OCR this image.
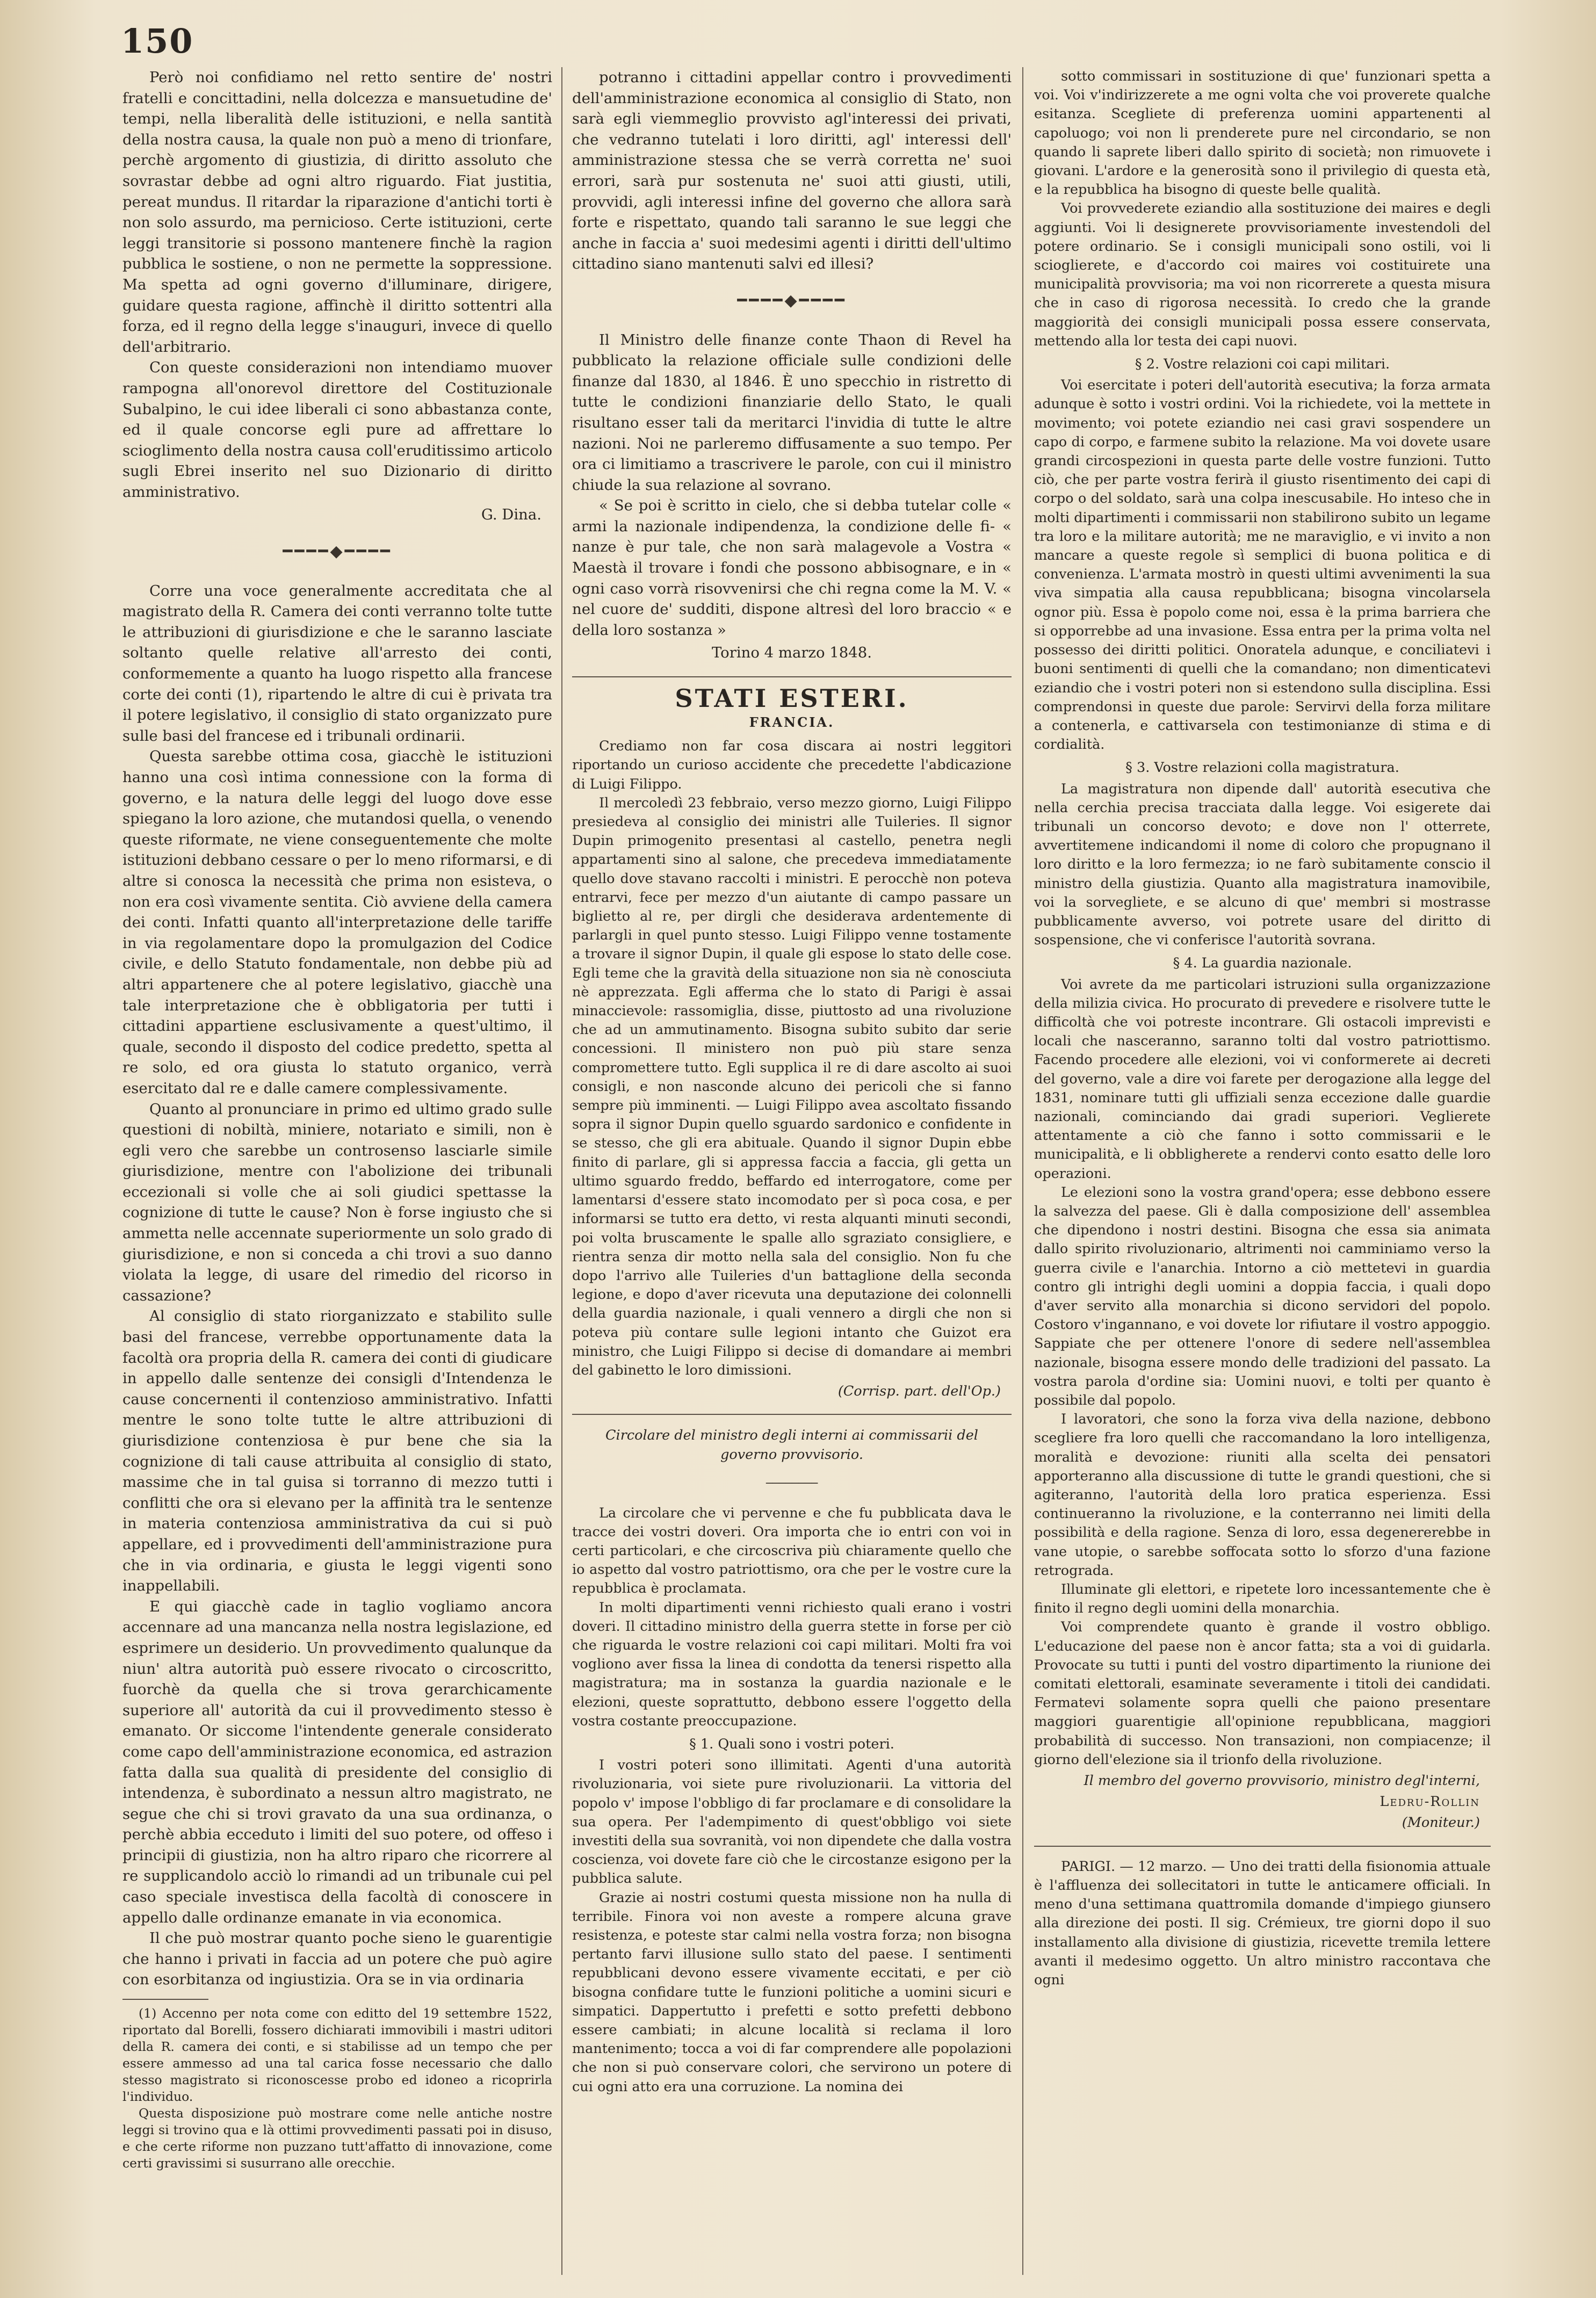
150

Però noi confidiamo nel retto sentire de' nostri fratelli e concittadini, nella dolcezza e mansuetudine de' tempi, nella liberalità delle istituzioni, e nella santità della nostra causa, la quale non può a meno di trionfare, perchè argomento di giustizia, di diritto assoluto che sovrastar debbe ad ogni altro riguardo. Fiat justitia, pereat mundus. Il ritardar la riparazione d'antichi torti è non solo assurdo, ma pernicioso. Certe istituzioni, certe leggi transitorie si possono mantenere finchè la ragion pubblica le sostiene, o non ne permette la soppressione. Ma spetta ad ogni governo d'illuminare, dirigere, guidare questa ragione, affinchè il diritto sottentri alla forza, ed il regno della legge s'inauguri, invece di quello dell'arbitrario.

Con queste considerazioni non intendiamo muover rampogna all'onorevol direttore del Costituzionale Subalpino, le cui idee liberali ci sono abbastanza conte, ed il quale concorse egli pure ad affrettare lo scioglimento della nostra causa coll'eruditissimo articolo sugli Ebrei inserito nel suo Dizionario di diritto amministrativo.

G. Dina.

━━━━◆━━━━

Corre una voce generalmente accreditata che al magistrato della R. Camera dei conti verranno tolte tutte le attribuzioni di giurisdizione e che le saranno lasciate soltanto quelle relative all'arresto dei conti, conformemente a quanto ha luogo rispetto alla francese corte dei conti (1), ripartendo le altre di cui è privata tra il potere legislativo, il consiglio di stato organizzato pure sulle basi del francese ed i tribunali ordinarii.

Questa sarebbe ottima cosa, giacchè le istituzioni hanno una così intima connessione con la forma di governo, e la natura delle leggi del luogo dove esse spiegano la loro azione, che mutandosi quella, o venendo queste riformate, ne viene conseguentemente che molte istituzioni debbano cessare o per lo meno riformarsi, e di altre si conosca la necessità che prima non esisteva, o non era così vivamente sentita. Ciò avviene della camera dei conti. Infatti quanto all'interpretazione delle tariffe in via regolamentare dopo la promulgazion del Codice civile, e dello Statuto fondamentale, non debbe più ad altri appartenere che al potere legislativo, giacchè una tale interpretazione che è obbligatoria per tutti i cittadini appartiene esclusivamente a quest'ultimo, il quale, secondo il disposto del codice predetto, spetta al re solo, ed ora giusta lo statuto organico, verrà esercitato dal re e dalle camere complessivamente.

Quanto al pronunciare in primo ed ultimo grado sulle questioni di nobiltà, miniere, notariato e simili, non è egli vero che sarebbe un controsenso lasciarle simile giurisdizione, mentre con l'abolizione dei tribunali eccezionali si volle che ai soli giudici spettasse la cognizione di tutte le cause? Non è forse ingiusto che si ammetta nelle accennate superiormente un solo grado di giurisdizione, e non si conceda a chi trovi a suo danno violata la legge, di usare del rimedio del ricorso in cassazione?

Al consiglio di stato riorganizzato e stabilito sulle basi del francese, verrebbe opportunamente data la facoltà ora propria della R. camera dei conti di giudicare in appello dalle sentenze dei consigli d'Intendenza le cause concernenti il contenzioso amministrativo. Infatti mentre le sono tolte tutte le altre attribuzioni di giurisdizione contenziosa è pur bene che sia la cognizione di tali cause attribuita al consiglio di stato, massime che in tal guisa si torranno di mezzo tutti i conflitti che ora si elevano per la affinità tra le sentenze in materia contenziosa amministrativa da cui si può appellare, ed i provvedimenti dell'amministrazione pura che in via ordinaria, e giusta le leggi vigenti sono inappellabili.

E qui giacchè cade in taglio vogliamo ancora accennare ad una mancanza nella nostra legislazione, ed esprimere un desiderio. Un provvedimento qualunque da niun' altra autorità può essere rivocato o circoscritto, fuorchè da quella che si trova gerarchicamente superiore all' autorità da cui il provvedimento stesso è emanato. Or siccome l'intendente generale considerato come capo dell'amministrazione economica, ed astrazion fatta dalla sua qualità di presidente del consiglio di intendenza, è subordinato a nessun altro magistrato, ne segue che chi si trovi gravato da una sua ordinanza, o perchè abbia ecceduto i limiti del suo potere, od offeso i principii di giustizia, non ha altro riparo che ricorrere al re supplicandolo acciò lo rimandi ad un tribunale cui pel caso speciale investisca della facoltà di conoscere in appello dalle ordinanze emanate in via economica.

Il che può mostrar quanto poche sieno le guarentigie che hanno i privati in faccia ad un potere che può agire con esorbitanza od ingiustizia. Ora se in via ordinaria

(1) Accenno per nota come con editto del 19 settembre 1522, riportato dal Borelli, fossero dichiarati immovibili i mastri uditori della R. camera dei conti, e si stabilisse ad un tempo che per essere ammesso ad una tal carica fosse necessario che dallo stesso magistrato si riconoscesse probo ed idoneo a ricoprirla l'individuo.

Questa disposizione può mostrare come nelle antiche nostre leggi si trovino qua e là ottimi provvedimenti passati poi in disuso, e che certe riforme non puzzano tutt'affatto di innovazione, come certi gravissimi si susurrano alle orecchie.

potranno i cittadini appellar contro i provvedimenti dell'amministrazione economica al consiglio di Stato, non sarà egli viemmeglio provvisto agl'interessi dei privati, che vedranno tutelati i loro diritti, agl' interessi dell' amministrazione stessa che se verrà corretta ne' suoi errori, sarà pur sostenuta ne' suoi atti giusti, utili, provvidi, agli interessi infine del governo che allora sarà forte e rispettato, quando tali saranno le sue leggi che anche in faccia a' suoi medesimi agenti i diritti dell'ultimo cittadino siano mantenuti salvi ed illesi?

━━━━◆━━━━

Il Ministro delle finanze conte Thaon di Revel ha pubblicato la relazione officiale sulle condizioni delle finanze dal 1830, al 1846. È uno specchio in ristretto di tutte le condizioni finanziarie dello Stato, le quali risultano esser tali da meritarci l'invidia di tutte le altre nazioni. Noi ne parleremo diffusamente a suo tempo. Per ora ci limitiamo a trascrivere le parole, con cui il ministro chiude la sua relazione al sovrano.

« Se poi è scritto in cielo, che si debba tutelar colle « armi la nazionale indipendenza, la condizione delle fi- « nanze è pur tale, che non sarà malagevole a Vostra « Maestà il trovare i fondi che possono abbisognare, e in « ogni caso vorrà risovvenirsi che chi regna come la M. V. « nel cuore de' sudditi, dispone altresì del loro braccio « e della loro sostanza »

Torino 4 marzo 1848.

STATI ESTERI.
FRANCIA.

Crediamo non far cosa discara ai nostri leggitori riportando un curioso accidente che precedette l'abdicazione di Luigi Filippo.

Il mercoledì 23 febbraio, verso mezzo giorno, Luigi Filippo presiedeva al consiglio dei ministri alle Tuileries. Il signor Dupin primogenito presentasi al castello, penetra negli appartamenti sino al salone, che precedeva immediatamente quello dove stavano raccolti i ministri. E perocchè non poteva entrarvi, fece per mezzo d'un aiutante di campo passare un biglietto al re, per dirgli che desiderava ardentemente di parlargli in quel punto stesso. Luigi Filippo venne tostamente a trovare il signor Dupin, il quale gli espose lo stato delle cose. Egli teme che la gravità della situazione non sia nè conosciuta nè apprezzata. Egli afferma che lo stato di Parigi è assai minaccievole: rassomiglia, disse, piuttosto ad una rivoluzione che ad un ammutinamento. Bisogna subito subito dar serie concessioni. Il ministero non può più stare senza compromettere tutto. Egli supplica il re di dare ascolto ai suoi consigli, e non nasconde alcuno dei pericoli che si fanno sempre più imminenti. — Luigi Filippo avea ascoltato fissando sopra il signor Dupin quello sguardo sardonico e confidente in se stesso, che gli era abituale. Quando il signor Dupin ebbe finito di parlare, gli si appressa faccia a faccia, gli getta un ultimo sguardo freddo, beffardo ed interrogatore, come per lamentarsi d'essere stato incomodato per sì poca cosa, e per informarsi se tutto era detto, vi resta alquanti minuti secondi, poi volta bruscamente le spalle allo sgraziato consigliere, e rientra senza dir motto nella sala del consiglio. Non fu che dopo l'arrivo alle Tuileries d'un battaglione della seconda legione, e dopo d'aver ricevuta una deputazione dei colonnelli della guardia nazionale, i quali vennero a dirgli che non si poteva più contare sulle legioni intanto che Guizot era ministro, che Luigi Filippo si decise di domandare ai membri del gabinetto le loro dimissioni.

(Corrisp. part. dell'Op.)

Circolare del ministro degli interni ai commissarii del governo provvisorio.

────────

La circolare che vi pervenne e che fu pubblicata dava le tracce dei vostri doveri. Ora importa che io entri con voi in certi particolari, e che circoscriva più chiaramente quello che io aspetto dal vostro patriottismo, ora che per le vostre cure la repubblica è proclamata.

In molti dipartimenti venni richiesto quali erano i vostri doveri. Il cittadino ministro della guerra stette in forse per ciò che riguarda le vostre relazioni coi capi militari. Molti fra voi vogliono aver fissa la linea di condotta da tenersi rispetto alla magistratura; ma in sostanza la guardia nazionale e le elezioni, queste soprattutto, debbono essere l'oggetto della vostra costante preoccupazione.

§ 1. Quali sono i vostri poteri.

I vostri poteri sono illimitati. Agenti d'una autorità rivoluzionaria, voi siete pure rivoluzionarii. La vittoria del popolo v' impose l'obbligo di far proclamare e di consolidare la sua opera. Per l'adempimento di quest'obbligo voi siete investiti della sua sovranità, voi non dipendete che dalla vostra coscienza, voi dovete fare ciò che le circostanze esigono per la pubblica salute.

Grazie ai nostri costumi questa missione non ha nulla di terribile. Finora voi non aveste a rompere alcuna grave resistenza, e poteste star calmi nella vostra forza; non bisogna pertanto farvi illusione sullo stato del paese. I sentimenti repubblicani devono essere vivamente eccitati, e per ciò bisogna confidare tutte le funzioni politiche a uomini sicuri e simpatici. Dappertutto i prefetti e sotto prefetti debbono essere cambiati; in alcune località si reclama il loro mantenimento; tocca a voi di far comprendere alle popolazioni che non si può conservare colori, che servirono un potere di cui ogni atto era una corruzione. La nomina dei

sotto commissari in sostituzione di que' funzionari spetta a voi. Voi v'indirizzerete a me ogni volta che voi proverete qualche esitanza. Scegliete di preferenza uomini appartenenti al capoluogo; voi non li prenderete pure nel circondario, se non quando li saprete liberi dallo spirito di società; non rimuovete i giovani. L'ardore e la generosità sono il privilegio di questa età, e la repubblica ha bisogno di queste belle qualità.

Voi provvederete eziandio alla sostituzione dei maires e degli aggiunti. Voi li designerete provvisoriamente investendoli del potere ordinario. Se i consigli municipali sono ostili, voi li scioglierete, e d'accordo coi maires voi costituirete una municipalità provvisoria; ma voi non ricorrerete a questa misura che in caso di rigorosa necessità. Io credo che la grande maggiorità dei consigli municipali possa essere conservata, mettendo alla lor testa dei capi nuovi.

§ 2. Vostre relazioni coi capi militari.

Voi esercitate i poteri dell'autorità esecutiva; la forza armata adunque è sotto i vostri ordini. Voi la richiedete, voi la mettete in movimento; voi potete eziandio nei casi gravi sospendere un capo di corpo, e farmene subito la relazione. Ma voi dovete usare grandi circospezioni in questa parte delle vostre funzioni. Tutto ciò, che per parte vostra ferirà il giusto risentimento dei capi di corpo o del soldato, sarà una colpa inescusabile. Ho inteso che in molti dipartimenti i commissarii non stabilirono subito un legame tra loro e la militare autorità; me ne maraviglio, e vi invito a non mancare a queste regole sì semplici di buona politica e di convenienza. L'armata mostrò in questi ultimi avvenimenti la sua viva simpatia alla causa repubblicana; bisogna vincolarsela ognor più. Essa è popolo come noi, essa è la prima barriera che si opporrebbe ad una invasione. Essa entra per la prima volta nel possesso dei diritti politici. Onoratela adunque, e conciliatevi i buoni sentimenti di quelli che la comandano; non dimenticatevi eziandio che i vostri poteri non si estendono sulla disciplina. Essi comprendonsi in queste due parole: Servirvi della forza militare a contenerla, e cattivarsela con testimonianze di stima e di cordialità.

§ 3. Vostre relazioni colla magistratura.

La magistratura non dipende dall' autorità esecutiva che nella cerchia precisa tracciata dalla legge. Voi esigerete dai tribunali un concorso devoto; e dove non l' otterrete, avvertitemene indicandomi il nome di coloro che propugnano il loro diritto e la loro fermezza; io ne farò subitamente conscio il ministro della giustizia. Quanto alla magistratura inamovibile, voi la sorvegliete, e se alcuno di que' membri si mostrasse pubblicamente avverso, voi potrete usare del diritto di sospensione, che vi conferisce l'autorità sovrana.

§ 4. La guardia nazionale.

Voi avrete da me particolari istruzioni sulla organizzazione della milizia civica. Ho procurato di prevedere e risolvere tutte le difficoltà che voi potreste incontrare. Gli ostacoli imprevisti e locali che nasceranno, saranno tolti dal vostro patriottismo. Facendo procedere alle elezioni, voi vi conformerete ai decreti del governo, vale a dire voi farete per derogazione alla legge del 1831, nominare tutti gli uffiziali senza eccezione dalle guardie nazionali, cominciando dai gradi superiori. Veglierete attentamente a ciò che fanno i sotto commissarii e le municipalità, e li obbligherete a rendervi conto esatto delle loro operazioni.

Le elezioni sono la vostra grand'opera; esse debbono essere la salvezza del paese. Gli è dalla composizione dell' assemblea che dipendono i nostri destini. Bisogna che essa sia animata dallo spirito rivoluzionario, altrimenti noi camminiamo verso la guerra civile e l'anarchia. Intorno a ciò mettetevi in guardia contro gli intrighi degli uomini a doppia faccia, i quali dopo d'aver servito alla monarchia si dicono servidori del popolo. Costoro v'ingannano, e voi dovete lor rifiutare il vostro appoggio. Sappiate che per ottenere l'onore di sedere nell'assemblea nazionale, bisogna essere mondo delle tradizioni del passato. La vostra parola d'ordine sia: Uomini nuovi, e tolti per quanto è possibile dal popolo.

I lavoratori, che sono la forza viva della nazione, debbono scegliere fra loro quelli che raccomandano la loro intelligenza, moralità e devozione: riuniti alla scelta dei pensatori apporteranno alla discussione di tutte le grandi questioni, che si agiteranno, l'autorità della loro pratica esperienza. Essi continueranno la rivoluzione, e la conterranno nei limiti della possibilità e della ragione. Senza di loro, essa degenererebbe in vane utopie, o sarebbe soffocata sotto lo sforzo d'una fazione retrograda.

Illuminate gli elettori, e ripetete loro incessantemente che è finito il regno degli uomini della monarchia.

Voi comprendete quanto è grande il vostro obbligo. L'educazione del paese non è ancor fatta; sta a voi di guidarla. Provocate su tutti i punti del vostro dipartimento la riunione dei comitati elettorali, esaminate severamente i titoli dei candidati. Fermatevi solamente sopra quelli che paiono presentare maggiori guarentigie all'opinione repubblicana, maggiori probabilità di successo. Non transazioni, non compiacenze; il giorno dell'elezione sia il trionfo della rivoluzione.

Il membro del governo provvisorio, ministro degl'interni,

Ledru-Rollin

(Moniteur.)

PARIGI. — 12 marzo. — Uno dei tratti della fisionomia attuale è l'affluenza dei sollecitatori in tutte le anticamere officiali. In meno d'una settimana quattromila domande d'impiego giunsero alla direzione dei posti. Il sig. Crémieux, tre giorni dopo il suo installamento alla divisione di giustizia, ricevette tremila lettere avanti il medesimo oggetto. Un altro ministro raccontava che ogni
